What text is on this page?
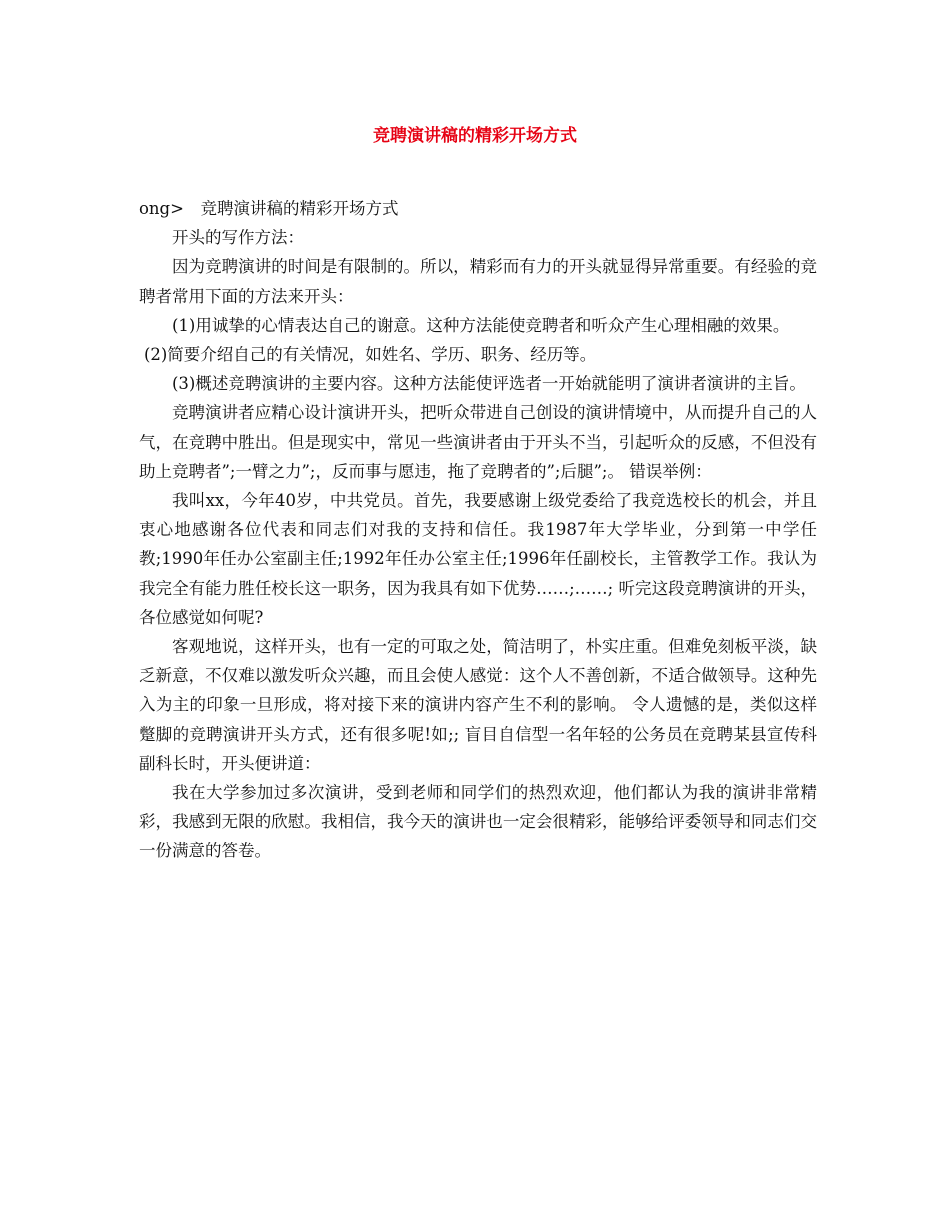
竞聘演讲稿的精彩开场方式

ong> 竞聘演讲稿的精彩开场方式

开头的写作方法：

因为竞聘演讲的时间是有限制的。所以，精彩而有力的开头就显得异常重要。有经验的竞聘者常用下面的方法来开头：

(1)用诚挚的心情表达自己的谢意。这种方法能使竞聘者和听众产生心理相融的效果。

(2)简要介绍自己的有关情况，如姓名、学历、职务、经历等。

(3)概述竞聘演讲的主要内容。这种方法能使评选者一开始就能明了演讲者演讲的主旨。

竞聘演讲者应精心设计演讲开头，把听众带进自己创设的演讲情境中，从而提升自己的人气，在竞聘中胜出。但是现实中，常见一些演讲者由于开头不当，引起听众的反感，不但没有助上竞聘者”;一臂之力”;，反而事与愿违，拖了竞聘者的”;后腿”;。 错误举例：

我叫xx，今年40岁，中共党员。首先，我要感谢上级党委给了我竞选校长的机会，并且衷心地感谢各位代表和同志们对我的支持和信任。我1987年大学毕业，分到第一中学任教;1990年任办公室副主任;1992年任办公室主任;1996年任副校长，主管教学工作。我认为我完全有能力胜任校长这一职务，因为我具有如下优势……;……; 听完这段竞聘演讲的开头，各位感觉如何呢?

客观地说，这样开头，也有一定的可取之处，简洁明了，朴实庄重。但难免刻板平淡，缺乏新意，不仅难以激发听众兴趣，而且会使人感觉：这个人不善创新，不适合做领导。这种先入为主的印象一旦形成，将对接下来的演讲内容产生不利的影响。 令人遗憾的是，类似这样蹩脚的竞聘演讲开头方式，还有很多呢!如;; 盲目自信型一名年轻的公务员在竞聘某县宣传科副科长时，开头便讲道：

我在大学参加过多次演讲，受到老师和同学们的热烈欢迎，他们都认为我的演讲非常精彩，我感到无限的欣慰。我相信，我今天的演讲也一定会很精彩，能够给评委领导和同志们交一份满意的答卷。
